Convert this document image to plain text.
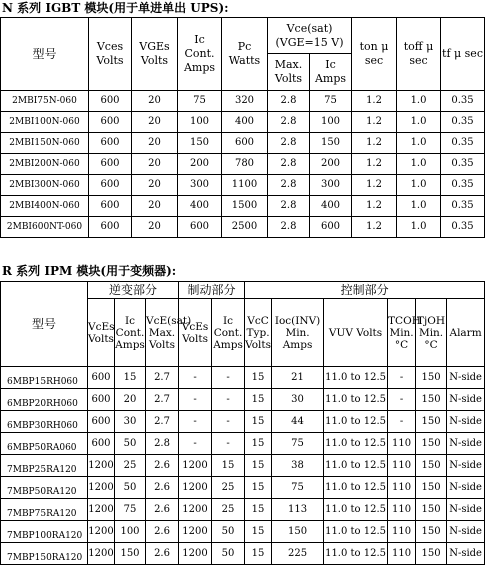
N 系列 IGBT 模块(用于单进单出 UPS):
型号	Vces Volts	VGEs Volts	Ic Cont. Amps	Pc Watts	Vce(sat)(VGE=15 V)		ton μ sec	toff μ sec	tf μ sec
					Max. Volts	Ic Amps			
2MBI75N-060	600	20	75	320	2.8	75	1.2	1.0	0.35
2MBI100N-060	600	20	100	400	2.8	100	1.2	1.0	0.35
2MBI150N-060	600	20	150	600	2.8	150	1.2	1.0	0.35
2MBI200N-060	600	20	200	780	2.8	200	1.2	1.0	0.35
2MBI300N-060	600	20	300	1100	2.8	300	1.2	1.0	0.35
2MBI400N-060	600	20	400	1500	2.8	400	1.2	1.0	0.35
2MBI600NT-060	600	20	600	2500	2.8	600	1.2	1.0	0.35
R 系列 IPM 模块(用于变频器):
型号	逆变部分			制动部分		控制部分					
	VcEs Volts	Ic Cont. Amps	VcE(sat) Max. Volts	VcEs Volts	Ic Cont. Amps	VcC Typ. Volts	Ioc(INV) Min. Amps	VUV Volts	TCOH Min. °C	TjOH Min. °C	Alarm
6MBP15RH060	600	15	2.7	-	-	15	21	11.0 to 12.5	-	150	N-side
6MBP20RH060	600	20	2.7	-	-	15	30	11.0 to 12.5	-	150	N-side
6MBP30RH060	600	30	2.7	-	-	15	44	11.0 to 12.5	-	150	N-side
6MBP50RA060	600	50	2.8	-	-	15	75	11.0 to 12.5	110	150	N-side
7MBP25RA120	1200	25	2.6	1200	15	15	38	11.0 to 12.5	110	150	N-side
7MBP50RA120	1200	50	2.6	1200	25	15	75	11.0 to 12.5	110	150	N-side
7MBP75RA120	1200	75	2.6	1200	25	15	113	11.0 to 12.5	110	150	N-side
7MBP100RA120	1200	100	2.6	1200	50	15	150	11.0 to 12.5	110	150	N-side
7MBP150RA120	1200	150	2.6	1200	50	15	225	11.0 to 12.5	110	150	N-side
